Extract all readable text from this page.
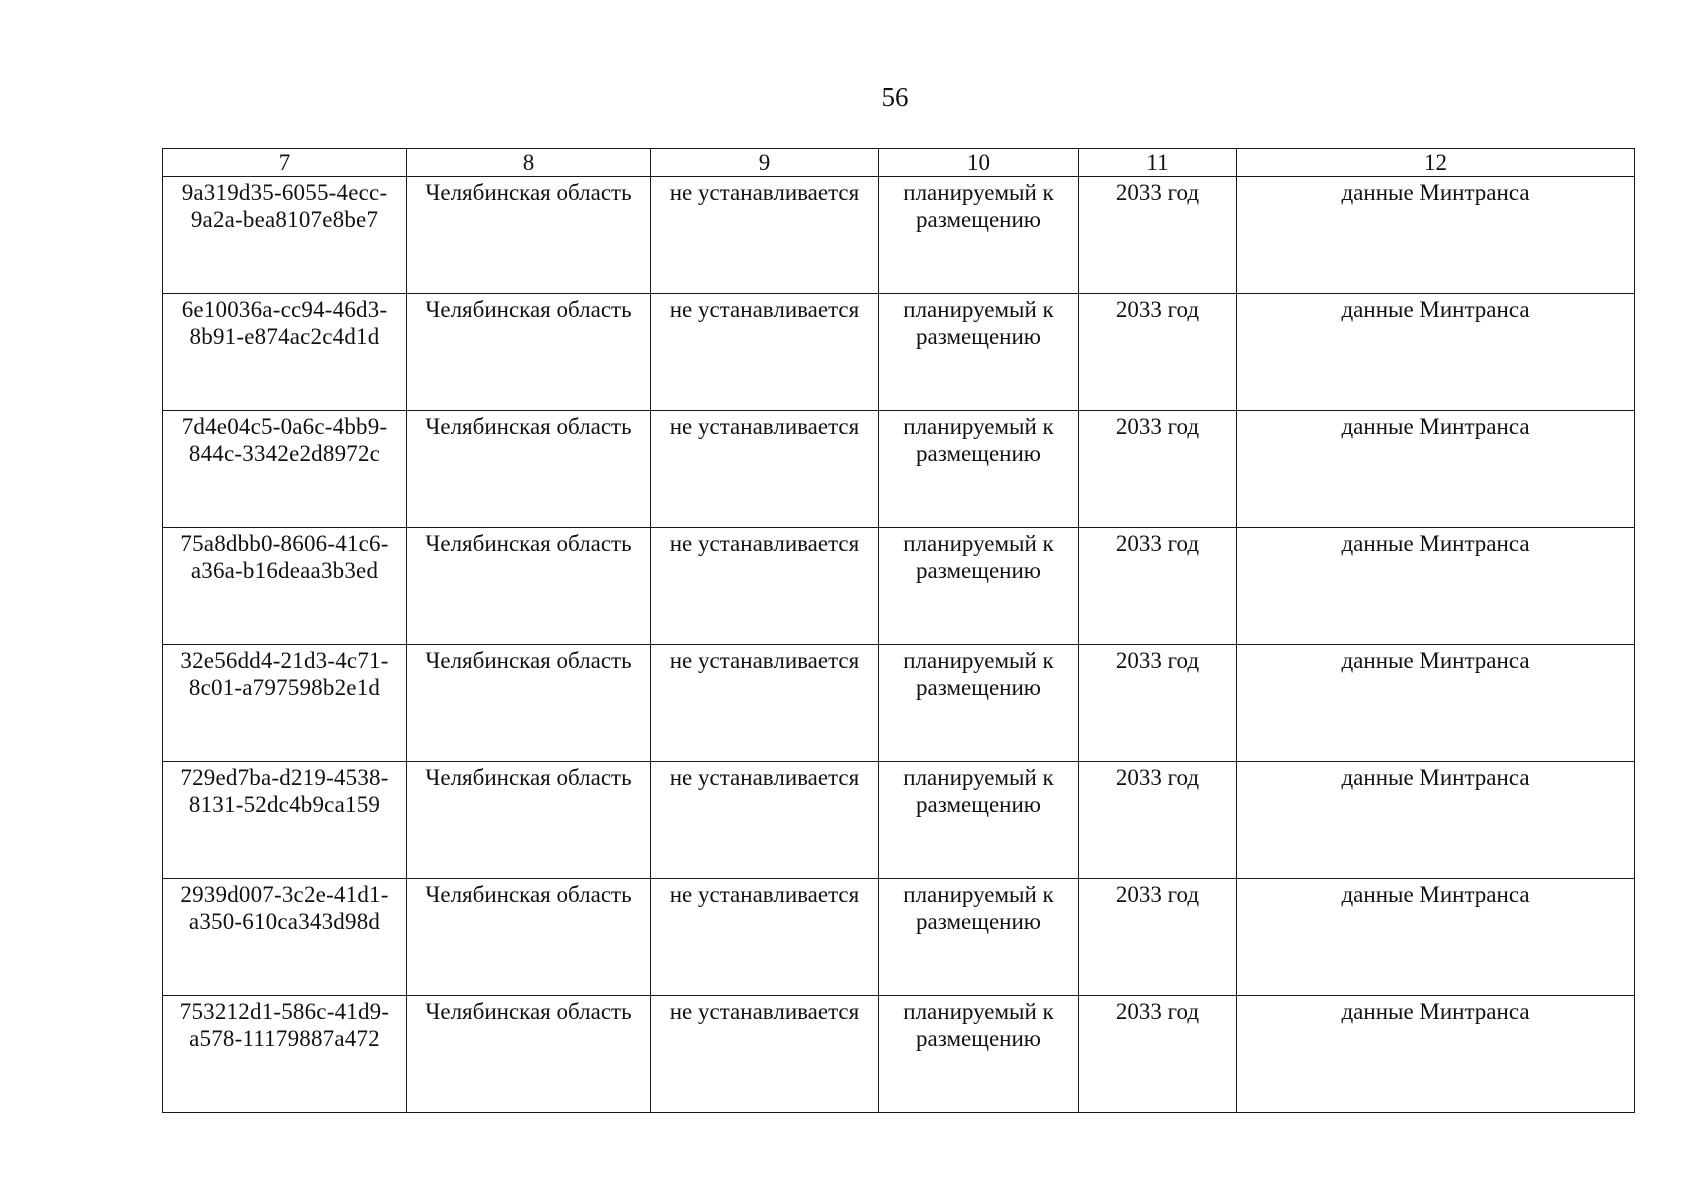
56
7	8	9	10	11	12
9a319d35-6055-4ecc-9a2a-bea8107e8be7	Челябинская область	не устанавливается	планируемый к размещению	2033 год	данные Минтранса
6e10036a-cc94-46d3-8b91-e874ac2c4d1d	Челябинская область	не устанавливается	планируемый к размещению	2033 год	данные Минтранса
7d4e04c5-0a6c-4bb9-844c-3342e2d8972c	Челябинская область	не устанавливается	планируемый к размещению	2033 год	данные Минтранса
75a8dbb0-8606-41c6-a36a-b16deaa3b3ed	Челябинская область	не устанавливается	планируемый к размещению	2033 год	данные Минтранса
32e56dd4-21d3-4c71-8c01-a797598b2e1d	Челябинская область	не устанавливается	планируемый к размещению	2033 год	данные Минтранса
729ed7ba-d219-4538-8131-52dc4b9ca159	Челябинская область	не устанавливается	планируемый к размещению	2033 год	данные Минтранса
2939d007-3c2e-41d1-a350-610ca343d98d	Челябинская область	не устанавливается	планируемый к размещению	2033 год	данные Минтранса
753212d1-586c-41d9-a578-11179887a472	Челябинская область	не устанавливается	планируемый к размещению	2033 год	данные Минтранса
